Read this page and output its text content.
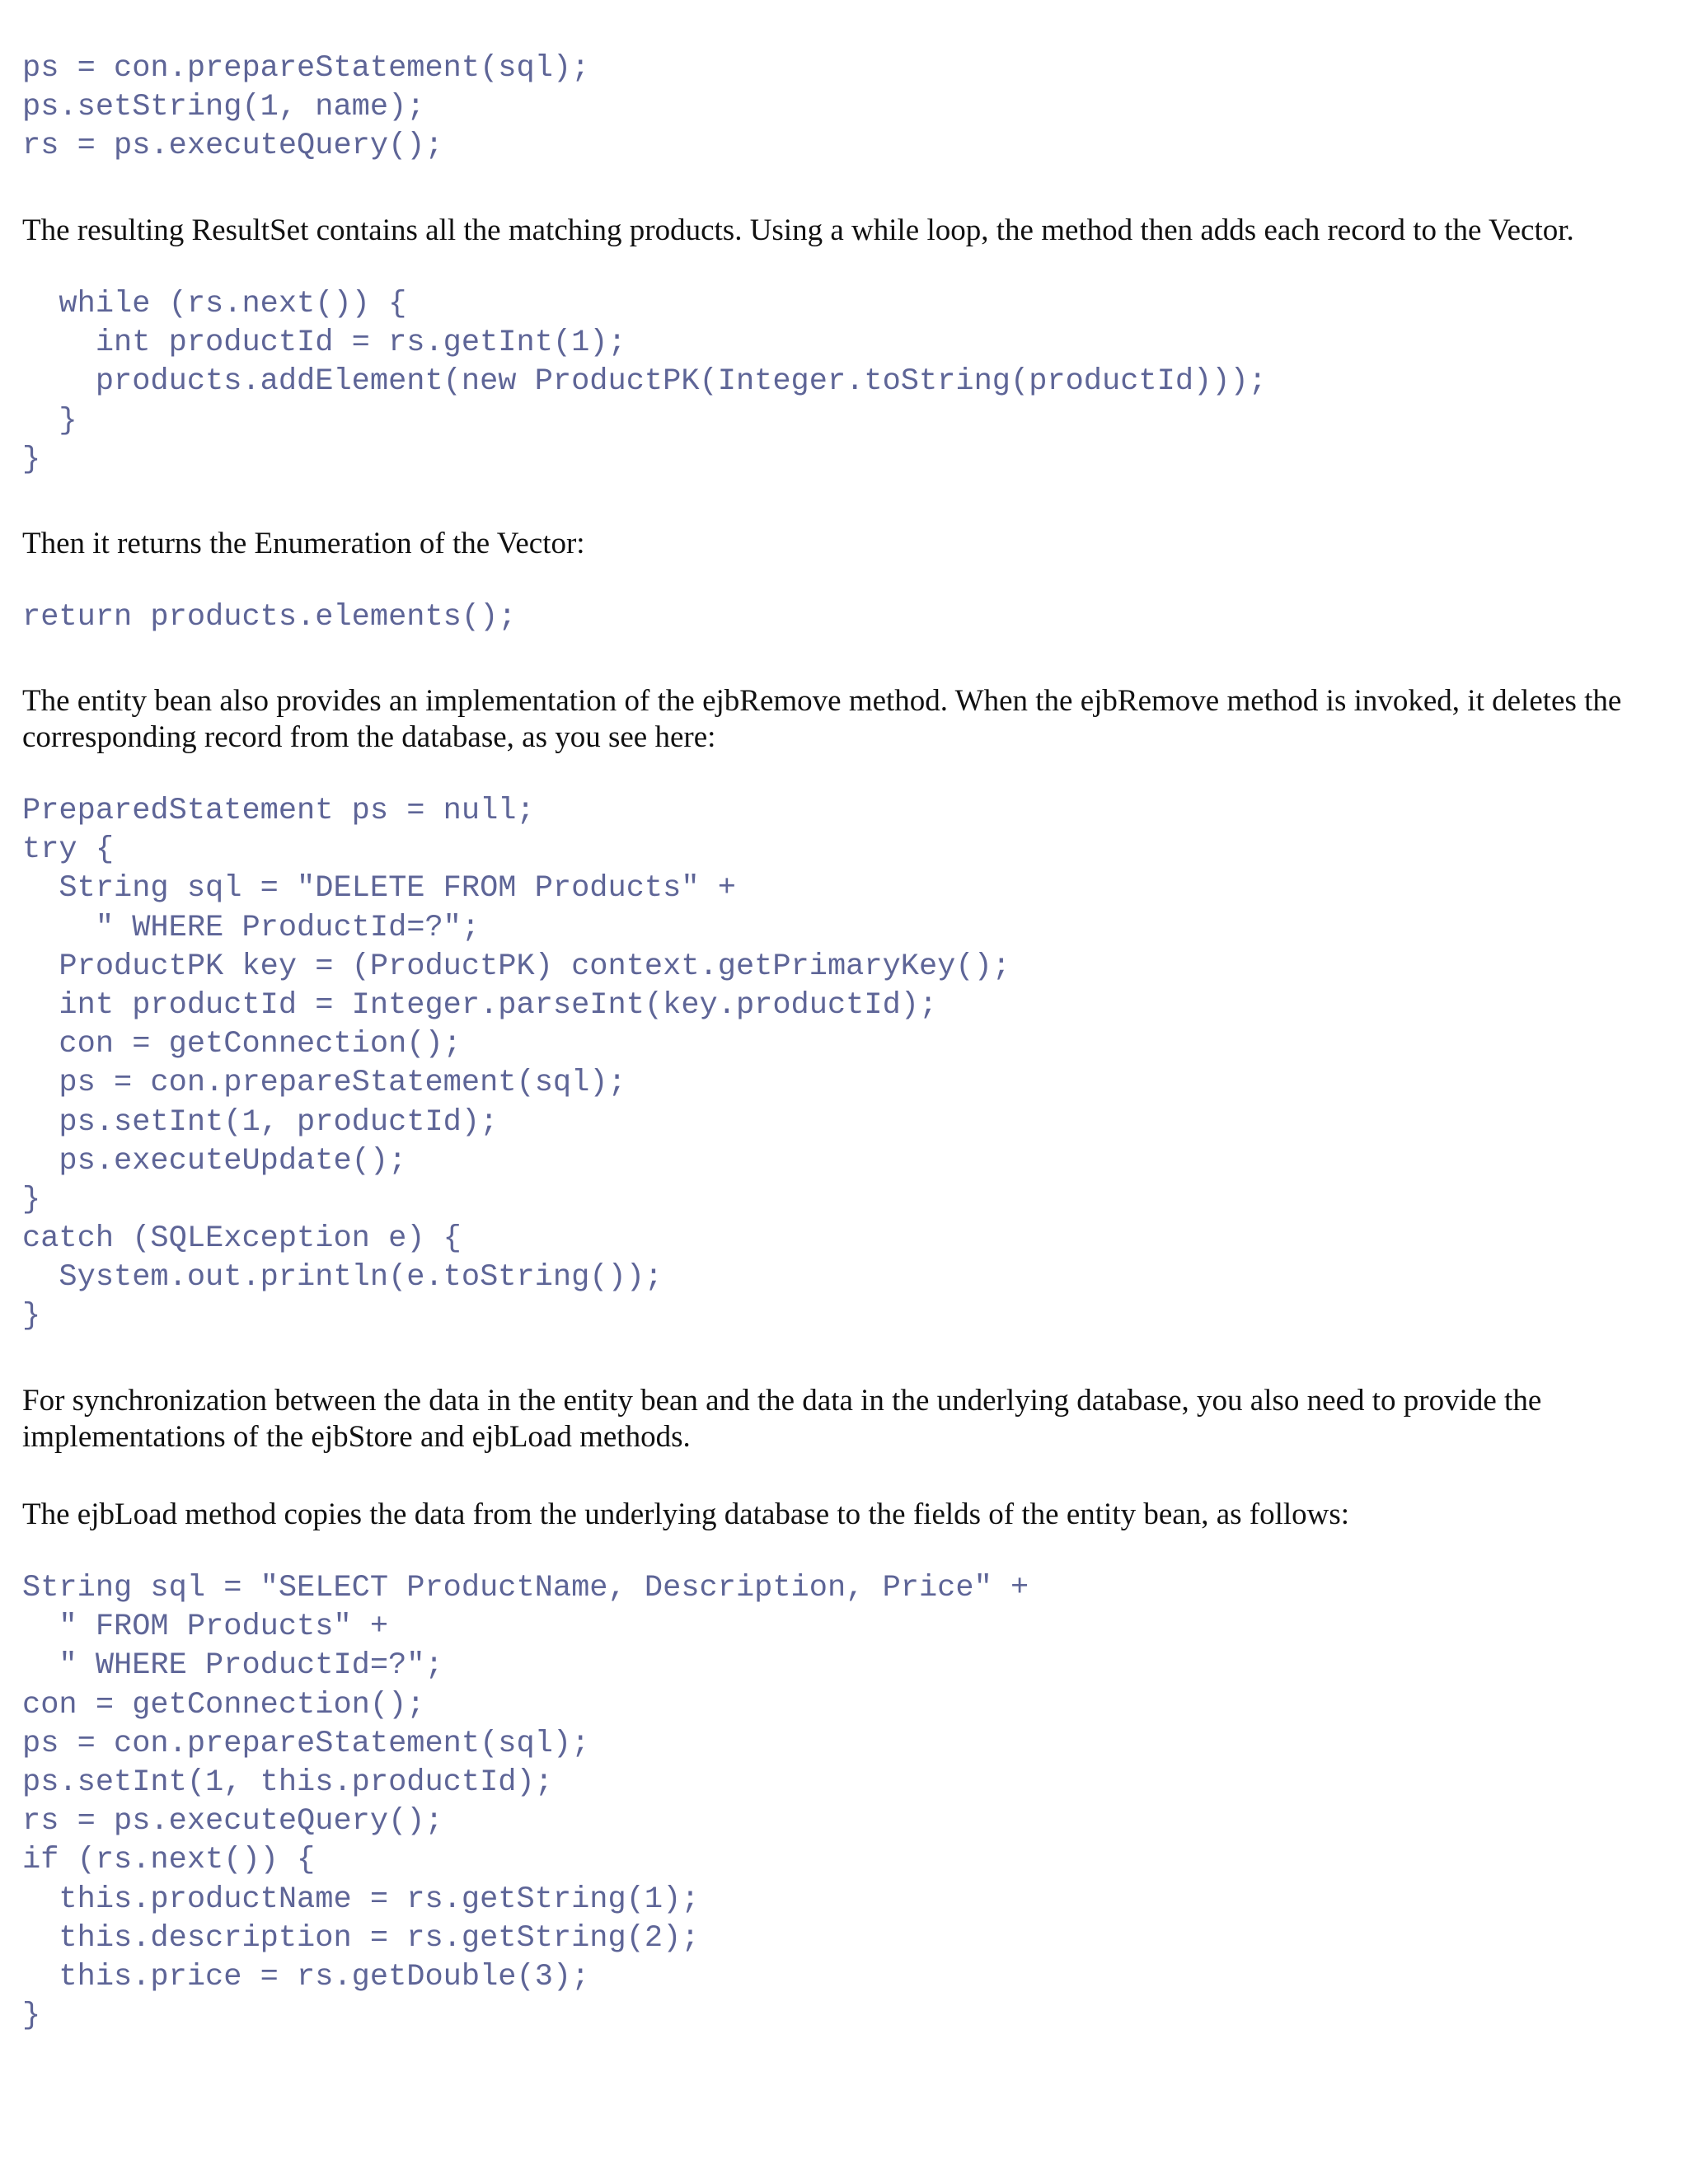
ps = con.prepareStatement(sql);
ps.setString(1, name);
rs = ps.executeQuery();

The resulting ResultSet contains all the matching products. Using a while loop, the method then adds each record to the Vector.

while (rs.next()) {
int productId = rs.getInt(1);
products.addElement(new ProductPK(Integer.toString(productId)));
}
}

Then it returns the Enumeration of the Vector:

return products.elements();

The entity bean also provides an implementation of the ejbRemove method. When the ejbRemove method is invoked, it deletes the corresponding record from the database, as you see here:

PreparedStatement ps = null;
try {
String sql = "DELETE FROM Products" +
" WHERE ProductId=?";
ProductPK key = (ProductPK) context.getPrimaryKey();
int productId = Integer.parseInt(key.productId);
con = getConnection();
ps = con.prepareStatement(sql);
ps.setInt(1, productId);
ps.executeUpdate();
}
catch (SQLException e) {
System.out.println(e.toString());
}

For synchronization between the data in the entity bean and the data in the underlying database, you also need to provide the implementations of the ejbStore and ejbLoad methods.

The ejbLoad method copies the data from the underlying database to the fields of the entity bean, as follows:

String sql = "SELECT ProductName, Description, Price" +
" FROM Products" +
" WHERE ProductId=?";
con = getConnection();
ps = con.prepareStatement(sql);
ps.setInt(1, this.productId);
rs = ps.executeQuery();
if (rs.next()) {
this.productName = rs.getString(1);
this.description = rs.getString(2);
this.price = rs.getDouble(3);
}
